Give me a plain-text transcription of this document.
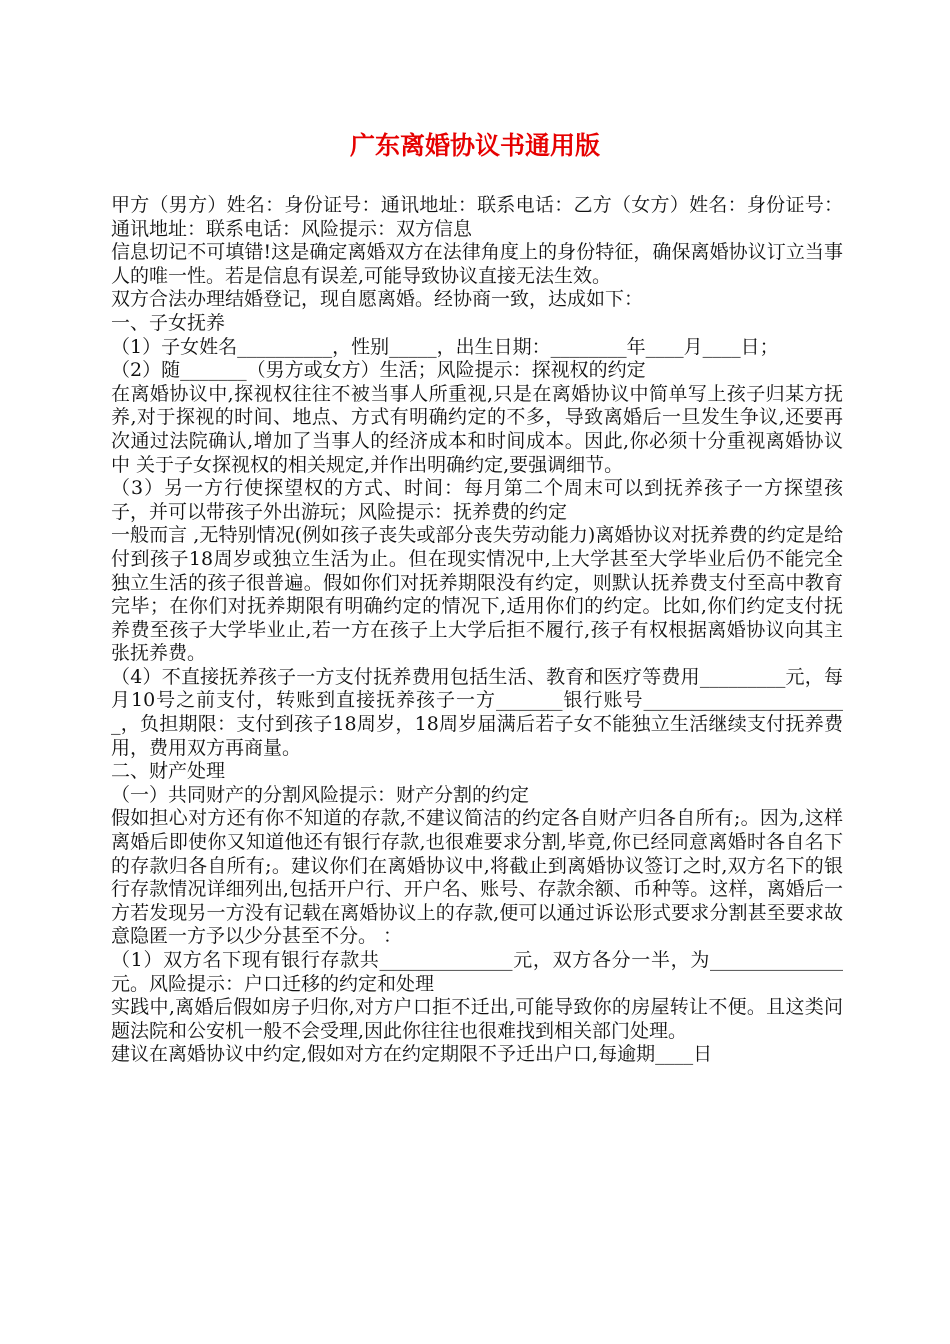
广东离婚协议书通用版

甲方（男方）姓名：身份证号：通讯地址：联系电话：乙方（女方）姓名：身份证号：通讯地址：联系电话：风险提示：双方信息

信息切记不可填错!这是确定离婚双方在法律角度上的身份特征，确保离婚协议订立当事人的唯一性。若是信息有误差,可能导致协议直接无法生效。

双方合法办理结婚登记，现自愿离婚。经协商一致，达成如下：

一、子女抚养

（1）子女姓名__________，性别_____，出生日期：________年____月____日；

（2）随_______（男方或女方）生活；风险提示：探视权的约定

在离婚协议中,探视权往往不被当事人所重视,只是在离婚协议中简单写上孩子归某方抚养,对于探视的时间、地点、方式有明确约定的不多，导致离婚后一旦发生争议,还要再次通过法院确认,增加了当事人的经济成本和时间成本。因此,你必须十分重视离婚协议中 关于子女探视权的相关规定,并作出明确约定,要强调细节。

（3）另一方行使探望权的方式、时间：每月第二个周末可以到抚养孩子一方探望孩子，并可以带孩子外出游玩；风险提示：抚养费的约定

一般而言 ,无特别情况(例如孩子丧失或部分丧失劳动能力)离婚协议对抚养费的约定是给付到孩子18周岁或独立生活为止。但在现实情况中,上大学甚至大学毕业后仍不能完全独立生活的孩子很普遍。假如你们对抚养期限没有约定，则默认抚养费支付至高中教育完毕；在你们对抚养期限有明确约定的情况下,适用你们的约定。比如,你们约定支付抚养费至孩子大学毕业止,若一方在孩子上大学后拒不履行,孩子有权根据离婚协议向其主张抚养费。

（4）不直接抚养孩子一方支付抚养费用包括生活、教育和医疗等费用_________元，每月10号之前支付，转账到直接抚养孩子一方_______银行账号______________________，负担期限：支付到孩子18周岁，18周岁届满后若子女不能独立生活继续支付抚养费用，费用双方再商量。

二、财产处理

（一）共同财产的分割风险提示：财产分割的约定

假如担心对方还有你不知道的存款,不建议简洁的约定各自财产归各自所有;。因为,这样离婚后即使你又知道他还有银行存款,也很难要求分割,毕竟,你已经同意离婚时各自名下的存款归各自所有;。建议你们在离婚协议中,将截止到离婚协议签订之时,双方名下的银行存款情况详细列出,包括开户行、开户名、账号、存款余额、币种等。这样，离婚后一方若发现另一方没有记载在离婚协议上的存款,便可以通过诉讼形式要求分割甚至要求故意隐匿一方予以少分甚至不分。 ：

（1）双方名下现有银行存款共______________元，双方各分一半，为______________元。风险提示：户口迁移的约定和处理

实践中,离婚后假如房子归你,对方户口拒不迁出,可能导致你的房屋转让不便。且这类问题法院和公安机一般不会受理,因此你往往也很难找到相关部门处理。

建议在离婚协议中约定,假如对方在约定期限不予迁出户口,每逾期____日
